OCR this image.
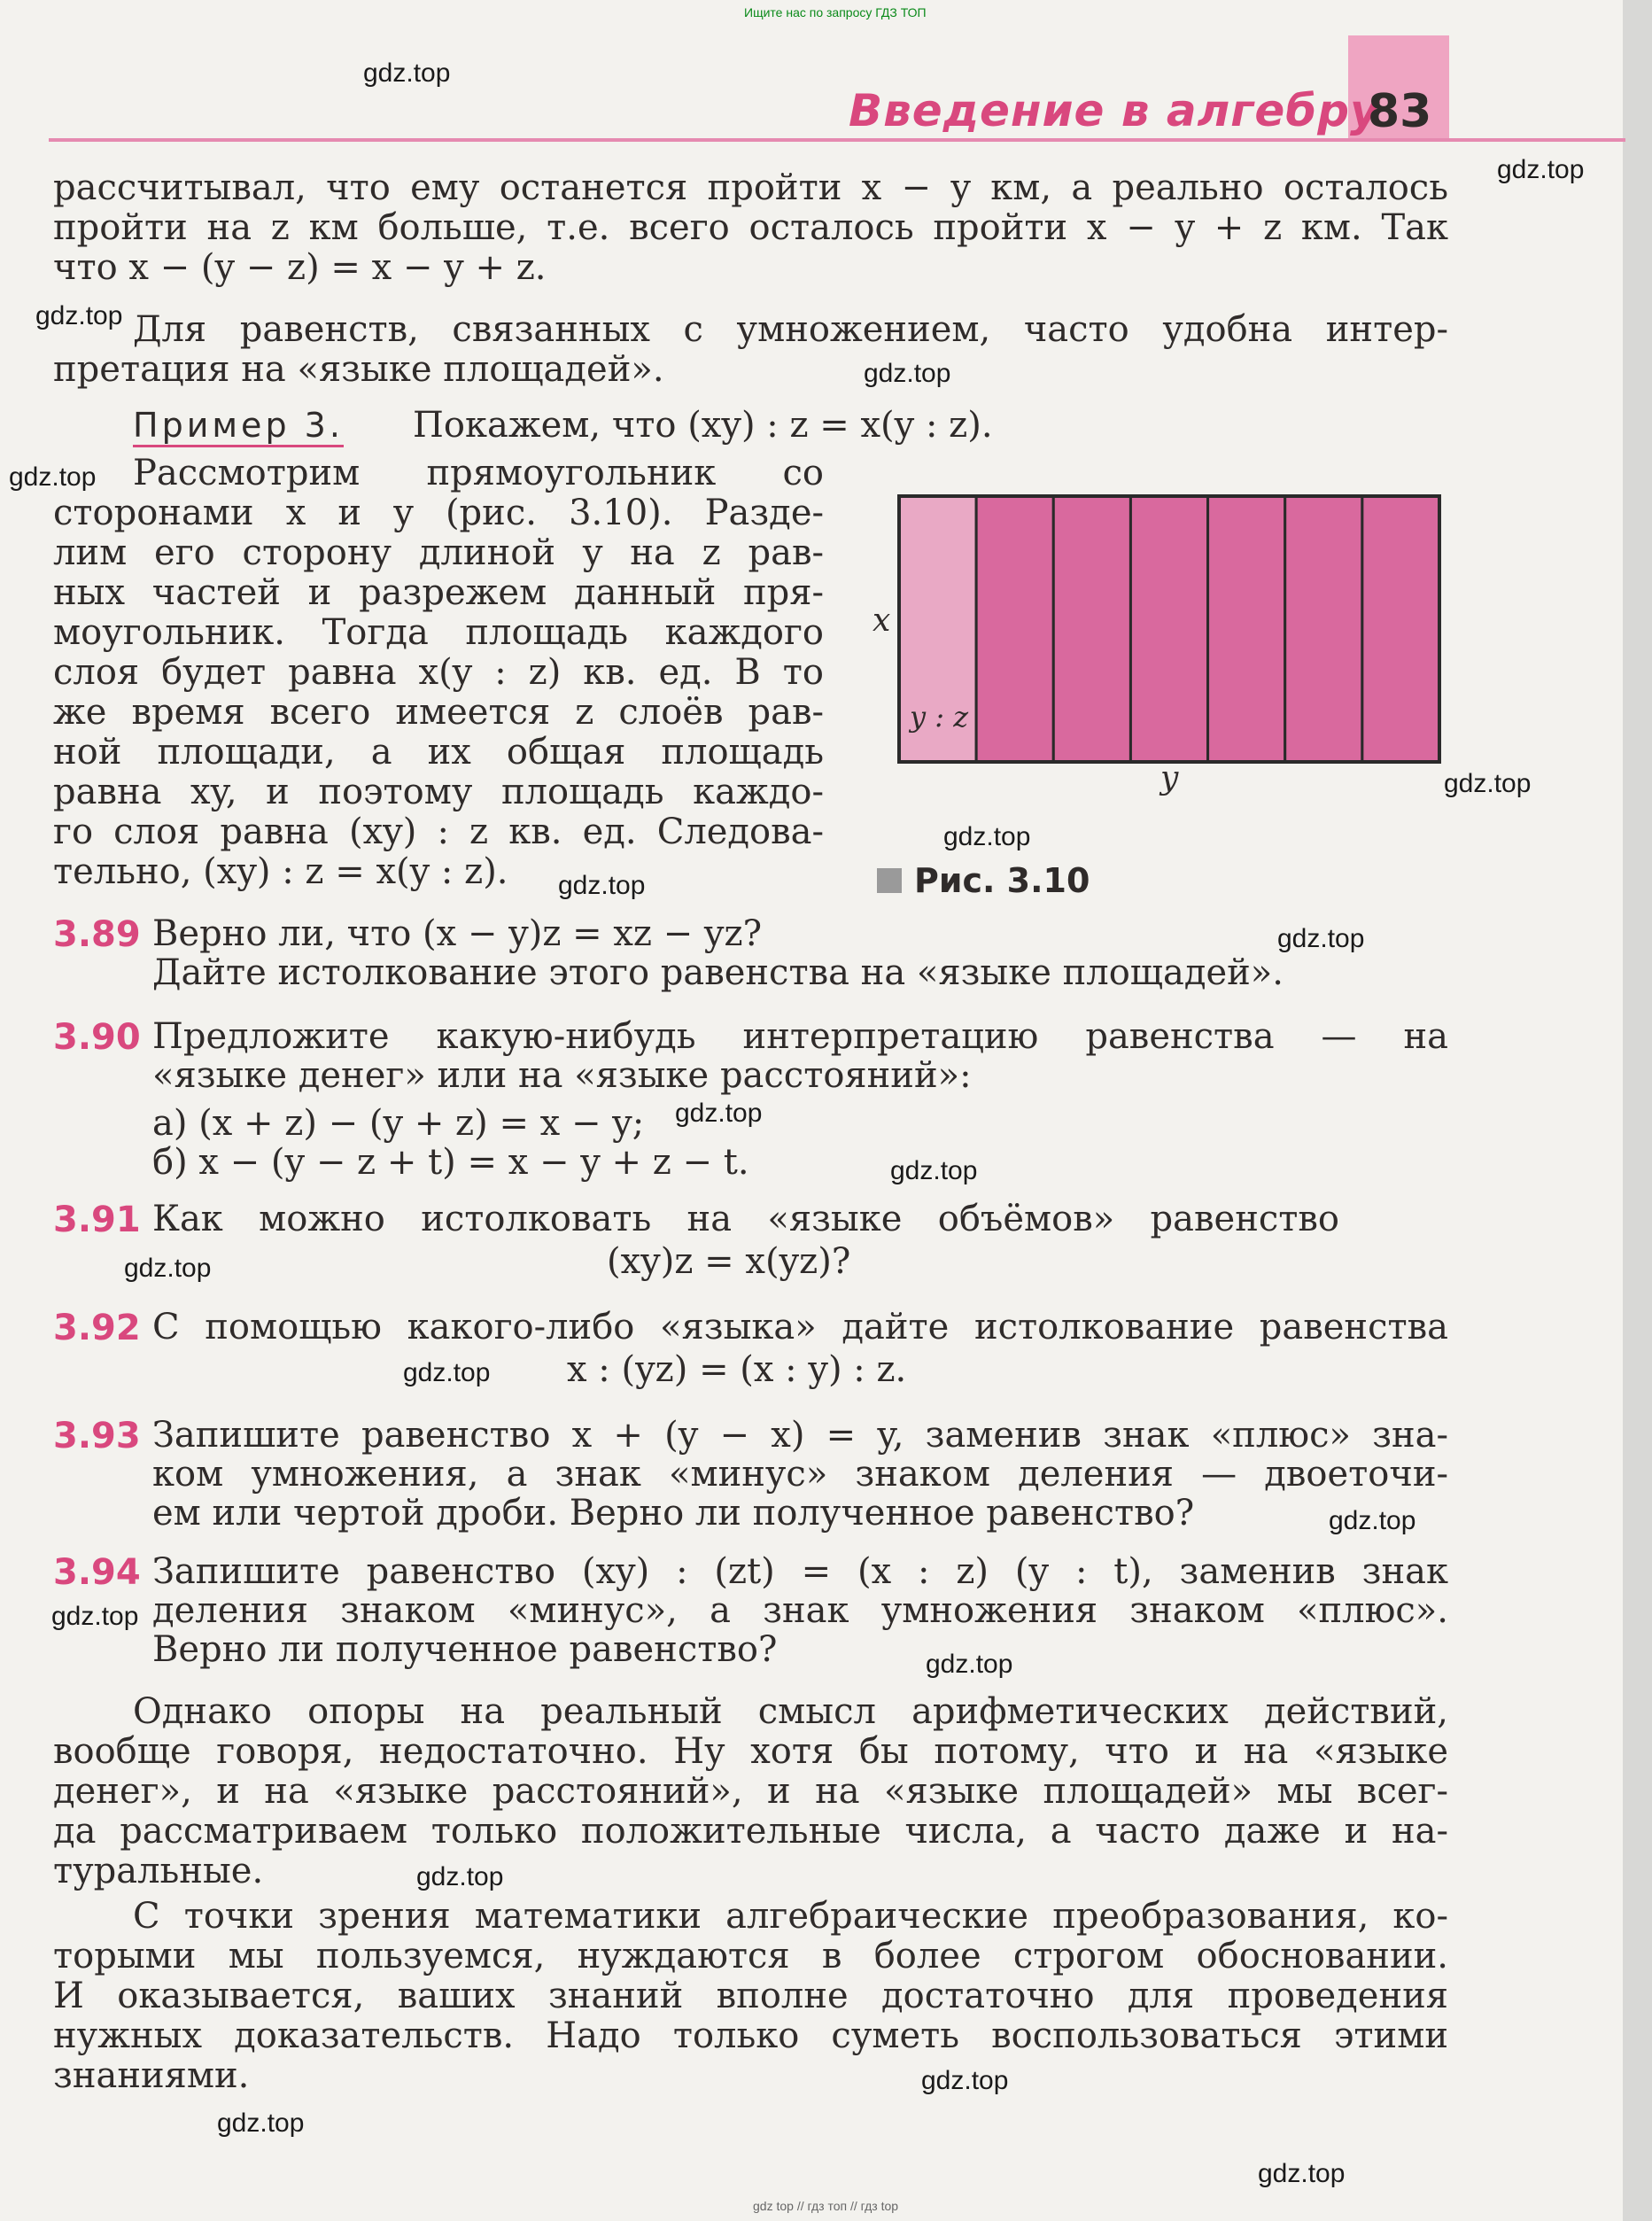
Ищите нас по запросу ГДЗ ТОП
gdz top // гдз топ // гдз top
Введение в алгебру
83
рассчитывал, что ему останется пройти x − y км, а реально осталось
пройти на z км больше, т.е. всего осталось пройти x − y + z км. Так
что x − (y − z) = x − y + z.
Для равенств, связанных с умножением, часто удобна интер-
претация на «языке площадей».
Пример 3.	Покажем, что (xy) : z = x(y : z).
Рассмотрим прямоугольник со
сторонами x и y (рис. 3.10). Разде-
лим его сторону длиной y на z рав-
ных частей и разрежем данный пря-
моугольник. Тогда площадь каждого
слоя будет равна x(y : z) кв. ед. В то
же время всего имеется z слоёв рав-
ной площади, а их общая площадь
равна xy, и поэтому площадь каждо-
го слоя равна (xy) : z кв. ед. Следова-
тельно, (xy) : z = x(y : z).
x
y
y : z
Рис. 3.10
3.89 Верно ли, что (x − y)z = xz − yz?
Дайте истолкование этого равенства на «языке площадей».
3.90 Предложите какую-нибудь интерпретацию равенства — на
«языке денег» или на «языке расстояний»:
а) (x + z) − (y + z) = x − y;
б) x − (y − z + t) = x − y + z − t.
3.91 Как можно истолковать на «языке объёмов» равенство
(xy)z = x(yz)?
3.92 С помощью какого-либо «языка» дайте истолкование равенства
x : (yz) = (x : y) : z.
3.93 Запишите равенство x + (y − x) = y, заменив знак «плюс» зна-
ком умножения, а знак «минус» знаком деления — двоеточи-
ем или чертой дроби. Верно ли полученное равенство?
3.94 Запишите равенство (xy) : (zt) = (x : z) (y : t), заменив знак
деления знаком «минус», а знак умножения знаком «плюс».
Верно ли полученное равенство?
Однако опоры на реальный смысл арифметических действий,
вообще говоря, недостаточно. Ну хотя бы потому, что и на «языке
денег», и на «языке расстояний», и на «языке площадей» мы всег-
да рассматриваем только положительные числа, а часто даже и на-
туральные.
С точки зрения математики алгебраические преобразования, ко-
торыми мы пользуемся, нуждаются в более строгом обосновании.
И оказывается, ваших знаний вполне достаточно для проведения
нужных доказательств. Надо только суметь воспользоваться этими
знаниями.
gdz.top
gdz.top
gdz.top
gdz.top
gdz.top
gdz.top
gdz.top
gdz.top
gdz.top
gdz.top
gdz.top
gdz.top
gdz.top
gdz.top
gdz.top
gdz.top
gdz.top
gdz.top
gdz.top
gdz.top
